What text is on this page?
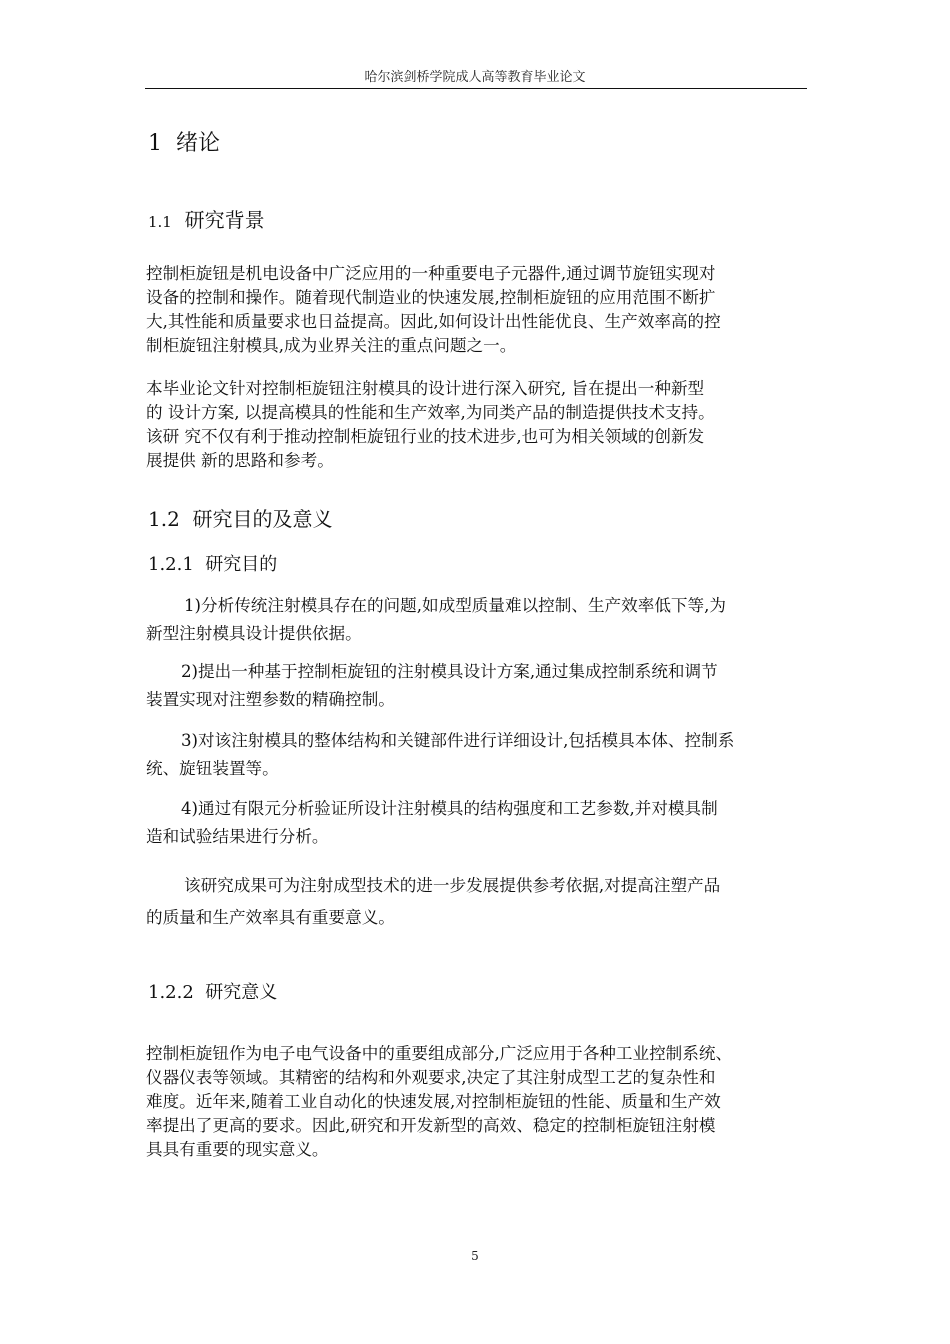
哈尔滨剑桥学院成人高等教育毕业论文
1 绪论
1.1 研究背景
控制柜旋钮是机电设备中广泛应用的一种重要电子元器件,通过调节旋钮实现对
设备的控制和操作。随着现代制造业的快速发展,控制柜旋钮的应用范围不断扩
大,其性能和质量要求也日益提高。因此,如何设计出性能优良、生产效率高的控
制柜旋钮注射模具,成为业界关注的重点问题之一。
本毕业论文针对控制柜旋钮注射模具的设计进行深入研究, 旨在提出一种新型
的 设计方案, 以提高模具的性能和生产效率,为同类产品的制造提供技术支持。
该研 究不仅有利于推动控制柜旋钮行业的技术进步,也可为相关领域的创新发
展提供 新的思路和参考。
1.2 研究目的及意义
1.2.1 研究目的
1)分析传统注射模具存在的问题,如成型质量难以控制、生产效率低下等,为
新型注射模具设计提供依据。
2)提出一种基于控制柜旋钮的注射模具设计方案,通过集成控制系统和调节
装置实现对注塑参数的精确控制。
3)对该注射模具的整体结构和关键部件进行详细设计,包括模具本体、控制系
统、旋钮装置等。
4)通过有限元分析验证所设计注射模具的结构强度和工艺参数,并对模具制
造和试验结果进行分析。
该研究成果可为注射成型技术的进一步发展提供参考依据,对提高注塑产品
的质量和生产效率具有重要意义。
1.2.2 研究意义
控制柜旋钮作为电子电气设备中的重要组成部分,广泛应用于各种工业控制系统、
仪器仪表等领域。其精密的结构和外观要求,决定了其注射成型工艺的复杂性和
难度。近年来,随着工业自动化的快速发展,对控制柜旋钮的性能、质量和生产效
率提出了更高的要求。因此,研究和开发新型的高效、稳定的控制柜旋钮注射模
具具有重要的现实意义。
5
